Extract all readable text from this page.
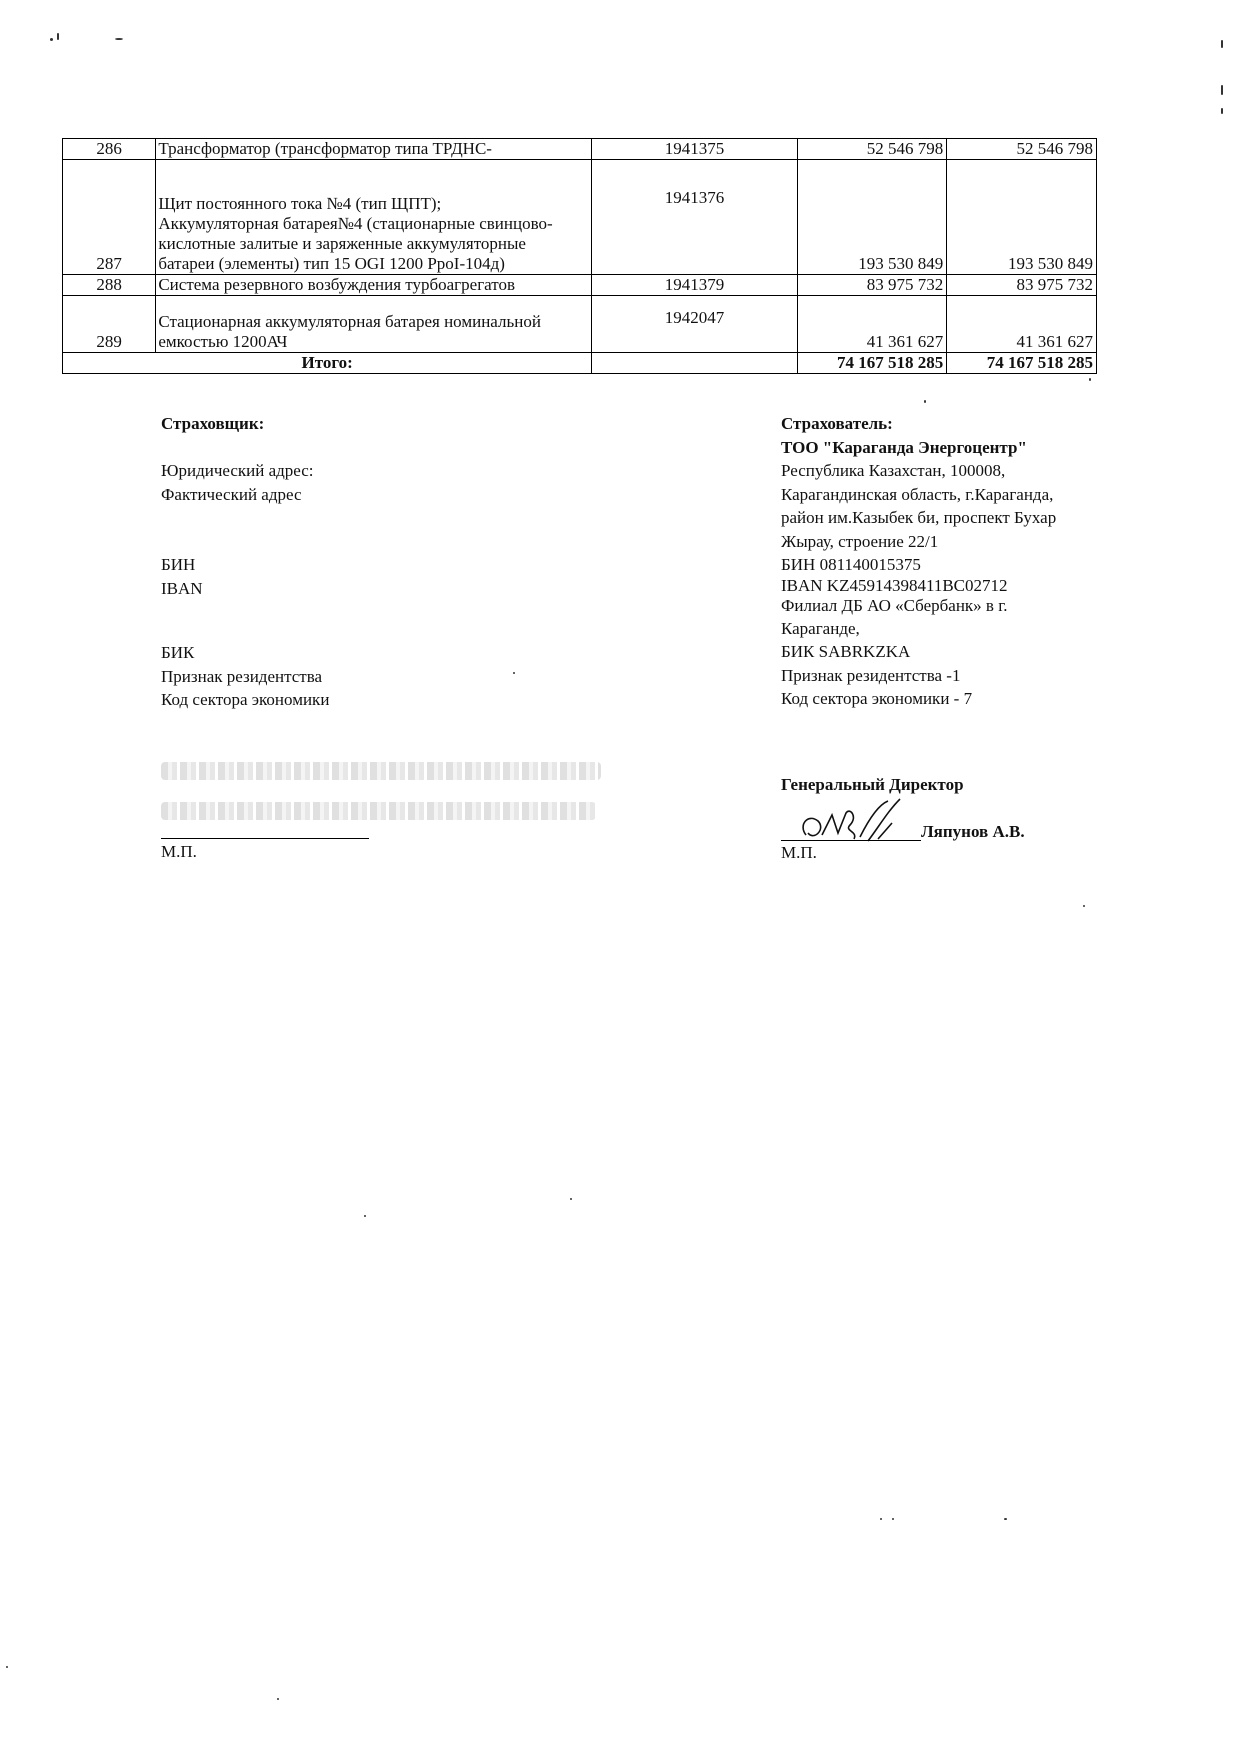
286	Трансформатор (трансформатор типа ТРДНС-	1941375	52 546 798	52 546 798
287	Щит постоянного тока №4 (тип ЩПТ);
Аккумуляторная батарея№4 (стационарные свинцово-
кислотные залитые и заряженные аккумуляторные
батареи (элементы) тип 15 OGI 1200 PpoI-104д)	1941376	193 530 849	193 530 849
288	Система резервного возбуждения турбоагрегатов	1941379	83 975 732	83 975 732
289	Стационарная аккумуляторная батарея номинальной
емкостью 1200АЧ	1942047	41 361 627	41 361 627
Итого:			74 167 518 285	74 167 518 285
Страховщик:
Юридический адрес:
Фактический адрес
БИН
IBAN
БИК
Признак резидентства
Код сектора экономики
М.П.
Страхователь:
ТОО "Караганда Энергоцентр"
Республика Казахстан, 100008,
Карагандинская область, г.Караганда,
район им.Казыбек би, проспект Бухар
Жырау, строение 22/1
БИН 081140015375
IBAN KZ45914398411BC02712
Филиал ДБ АО «Сбербанк» в г.
Караганде,
БИК SABRKZKA
Признак резидентства -1
Код сектора экономики - 7
Генеральный Директор
Ляпунов А.В.
М.П.
